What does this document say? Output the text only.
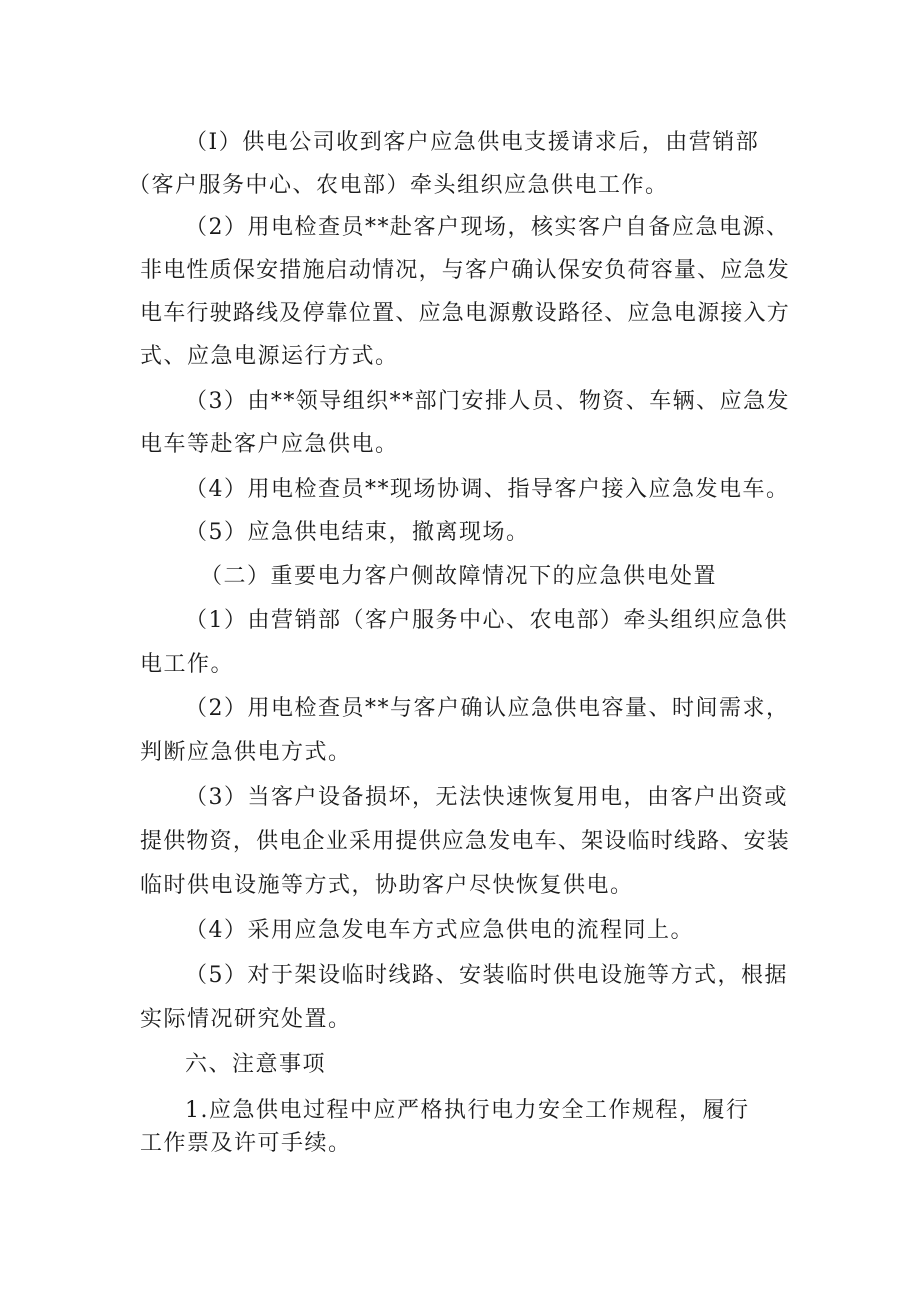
（I）供电公司收到客户应急供电支援请求后，由营销部
（客户服务中心、农电部）牵头组织应急供电工作。
（2）用电检查员**赴客户现场，核实客户自备应急电源、
非电性质保安措施启动情况，与客户确认保安负荷容量、应急发
电车行驶路线及停靠位置、应急电源敷设路径、应急电源接入方
式、应急电源运行方式。
（3）由**领导组织**部门安排人员、物资、车辆、应急发
电车等赴客户应急供电。
（4）用电检查员**现场协调、指导客户接入应急发电车。
（5）应急供电结束，撤离现场。
（二）重要电力客户侧故障情况下的应急供电处置
（1）由营销部（客户服务中心、农电部）牵头组织应急供
电工作。
（2）用电检查员**与客户确认应急供电容量、时间需求，
判断应急供电方式。
（3）当客户设备损坏，无法快速恢复用电，由客户出资或
提供物资，供电企业采用提供应急发电车、架设临时线路、安装
临时供电设施等方式，协助客户尽快恢复供电。
（4）采用应急发电车方式应急供电的流程同上。
（5）对于架设临时线路、安装临时供电设施等方式，根据
实际情况研究处置。
六、注意事项
1.应急供电过程中应严格执行电力安全工作规程，履行
工作票及许可手续。
